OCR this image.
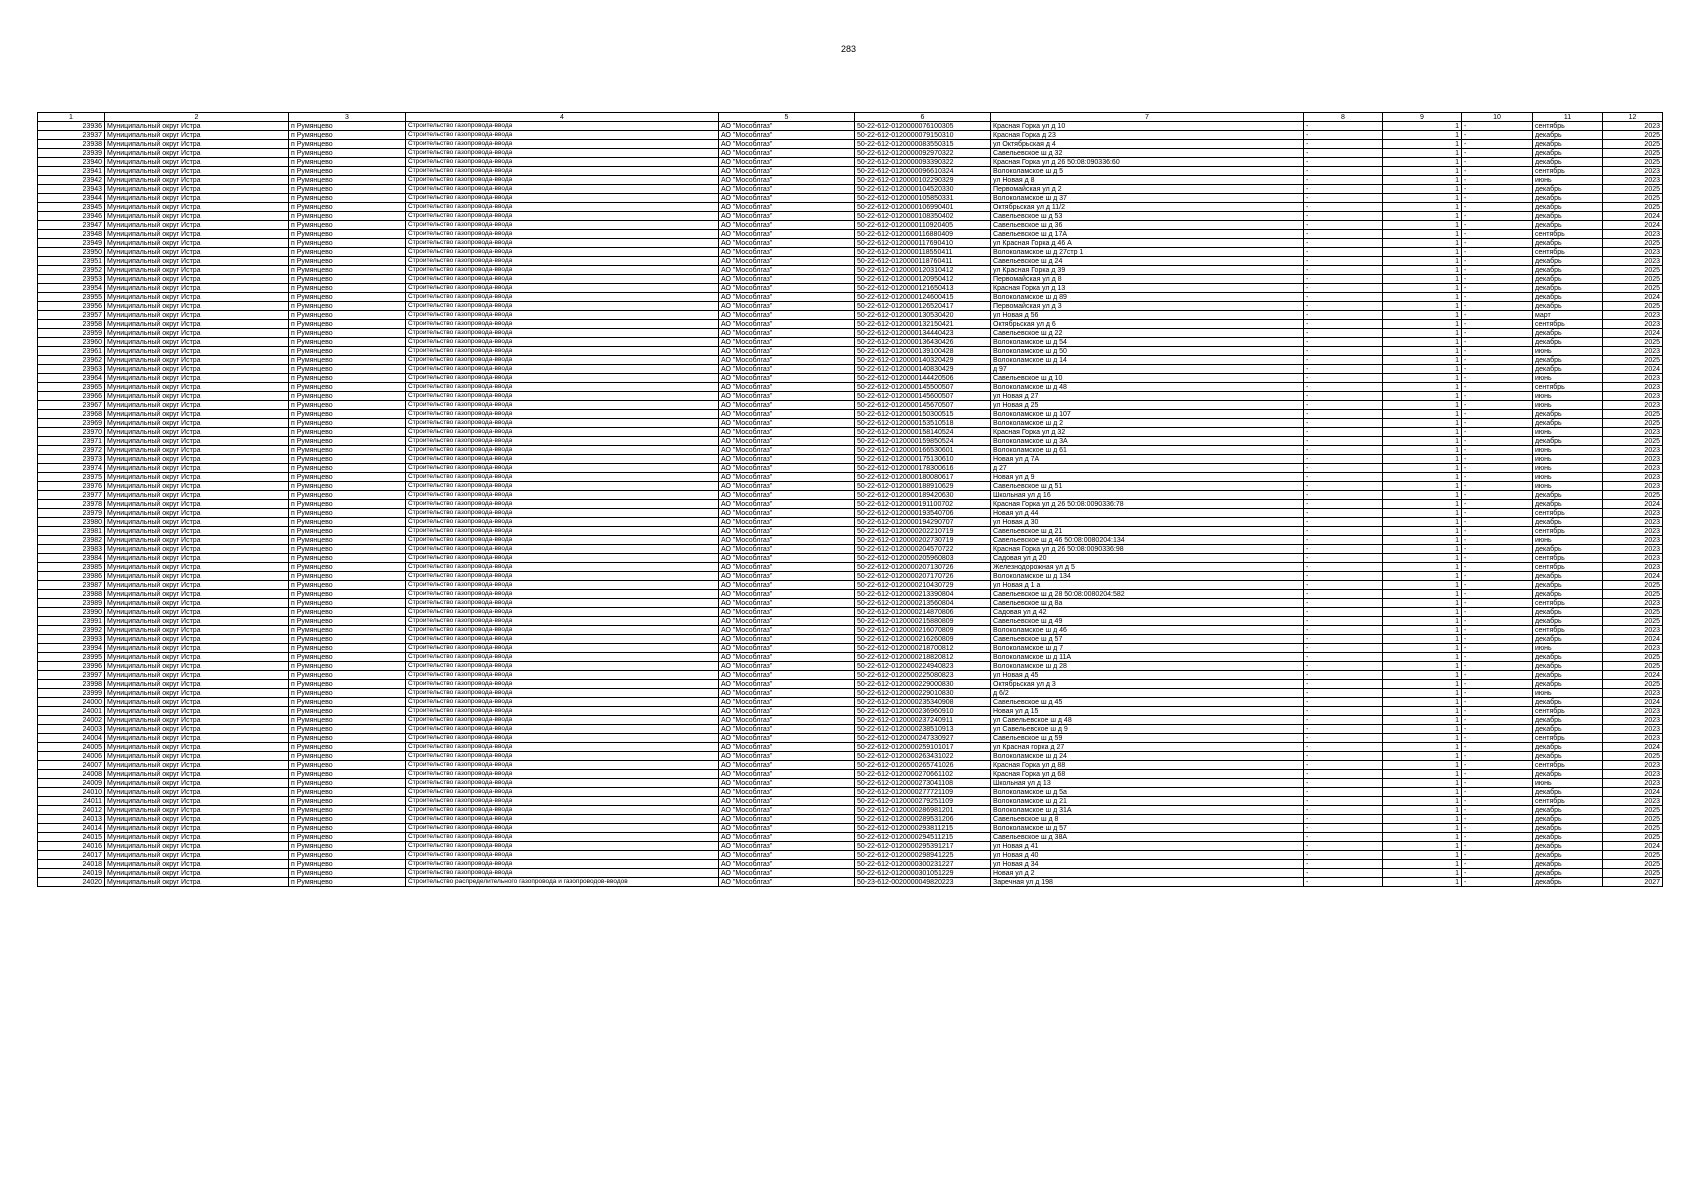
283
1	2	3	4	5	6	7	8	9	10	11	12
23936	Муниципальный округ Истра	п Румянцево	Строительство газопровода-ввода	АО "Мособлгаз"	50-22-612-0120000076100305	Красная Горка ул д 10	-	1	-	сентябрь	2023
23937	Муниципальный округ Истра	п Румянцево	Строительство газопровода-ввода	АО "Мособлгаз"	50-22-612-0120000079150310	Красная Горка д 23	-	1	-	декабрь	2025
23938	Муниципальный округ Истра	п Румянцево	Строительство газопровода-ввода	АО "Мособлгаз"	50-22-612-0120000083550315	ул Октябрьская д 4	-	1	-	декабрь	2025
23939	Муниципальный округ Истра	п Румянцево	Строительство газопровода-ввода	АО "Мособлгаз"	50-22-612-0120000092970322	Савельевское ш д 32	-	1	-	декабрь	2025
23940	Муниципальный округ Истра	п Румянцево	Строительство газопровода-ввода	АО "Мособлгаз"	50-22-612-0120000093390322	Красная Горка ул д 26 50:08:090336:60	-	1	-	декабрь	2025
23941	Муниципальный округ Истра	п Румянцево	Строительство газопровода-ввода	АО "Мособлгаз"	50-22-612-0120000096610324	Волоколамское ш д 5	-	1	-	сентябрь	2023
23942	Муниципальный округ Истра	п Румянцево	Строительство газопровода-ввода	АО "Мособлгаз"	50-22-612-0120000102290329	ул Новая д 8	-	1	-	июнь	2023
23943	Муниципальный округ Истра	п Румянцево	Строительство газопровода-ввода	АО "Мособлгаз"	50-22-612-0120000104520330	Первомайская ул д 2	-	1	-	декабрь	2025
23944	Муниципальный округ Истра	п Румянцево	Строительство газопровода-ввода	АО "Мособлгаз"	50-22-612-0120000105850331	Волоколамское ш д 37	-	1	-	декабрь	2025
23945	Муниципальный округ Истра	п Румянцево	Строительство газопровода-ввода	АО "Мособлгаз"	50-22-612-0120000106990401	Октябрьская ул д 11/2	-	1	-	декабрь	2025
23946	Муниципальный округ Истра	п Румянцево	Строительство газопровода-ввода	АО "Мособлгаз"	50-22-612-0120000108350402	Савельевское ш д 53	-	1	-	декабрь	2024
23947	Муниципальный округ Истра	п Румянцево	Строительство газопровода-ввода	АО "Мособлгаз"	50-22-612-0120000110920405	Савельевское ш д 36	-	1	-	декабрь	2024
23948	Муниципальный округ Истра	п Румянцево	Строительство газопровода-ввода	АО "Мособлгаз"	50-22-612-0120000116880409	Савельевское ш д 17А	-	1	-	сентябрь	2023
23949	Муниципальный округ Истра	п Румянцево	Строительство газопровода-ввода	АО "Мособлгаз"	50-22-612-0120000117690410	ул Красная Горка д 46 А	-	1	-	декабрь	2025
23950	Муниципальный округ Истра	п Румянцево	Строительство газопровода-ввода	АО "Мособлгаз"	50-22-612-0120000118550411	Волоколамское ш д 27стр 1	-	1	-	сентябрь	2023
23951	Муниципальный округ Истра	п Румянцево	Строительство газопровода-ввода	АО "Мособлгаз"	50-22-612-0120000118760411	Савельевское ш д 24	-	1	-	декабрь	2023
23952	Муниципальный округ Истра	п Румянцево	Строительство газопровода-ввода	АО "Мособлгаз"	50-22-612-0120000120310412	ул Красная Горка д 39	-	1	-	декабрь	2025
23953	Муниципальный округ Истра	п Румянцево	Строительство газопровода-ввода	АО "Мособлгаз"	50-22-612-0120000120950412	Первомайская ул д 8	-	1	-	декабрь	2025
23954	Муниципальный округ Истра	п Румянцево	Строительство газопровода-ввода	АО "Мособлгаз"	50-22-612-0120000121650413	Красная Горка ул д 13	-	1	-	декабрь	2025
23955	Муниципальный округ Истра	п Румянцево	Строительство газопровода-ввода	АО "Мособлгаз"	50-22-612-0120000124600415	Волоколамское ш д 89	-	1	-	декабрь	2024
23956	Муниципальный округ Истра	п Румянцево	Строительство газопровода-ввода	АО "Мособлгаз"	50-22-612-0120000126520417	Первомайская ул д 3	-	1	-	декабрь	2025
23957	Муниципальный округ Истра	п Румянцево	Строительство газопровода-ввода	АО "Мособлгаз"	50-22-612-0120000130530420	ул Новая д 56	-	1	-	март	2023
23958	Муниципальный округ Истра	п Румянцево	Строительство газопровода-ввода	АО "Мособлгаз"	50-22-612-0120000132150421	Октябрьская ул д 6	-	1	-	сентябрь	2023
23959	Муниципальный округ Истра	п Румянцево	Строительство газопровода-ввода	АО "Мособлгаз"	50-22-612-0120000134440423	Савельевское ш д 22	-	1	-	декабрь	2024
23960	Муниципальный округ Истра	п Румянцево	Строительство газопровода-ввода	АО "Мособлгаз"	50-22-612-0120000136430426	Волоколамское ш д 54	-	1	-	декабрь	2025
23961	Муниципальный округ Истра	п Румянцево	Строительство газопровода-ввода	АО "Мособлгаз"	50-22-612-0120000139100428	Волоколамское ш д 50	-	1	-	июнь	2023
23962	Муниципальный округ Истра	п Румянцево	Строительство газопровода-ввода	АО "Мособлгаз"	50-22-612-0120000140320429	Волоколамское ш д 14	-	1	-	декабрь	2025
23963	Муниципальный округ Истра	п Румянцево	Строительство газопровода-ввода	АО "Мособлгаз"	50-22-612-0120000140830429	д 97	-	1	-	декабрь	2024
23964	Муниципальный округ Истра	п Румянцево	Строительство газопровода-ввода	АО "Мособлгаз"	50-22-612-0120000144420506	Савельевское ш д 10	-	1	-	июнь	2023
23965	Муниципальный округ Истра	п Румянцево	Строительство газопровода-ввода	АО "Мособлгаз"	50-22-612-0120000145500507	Волоколамское ш д 48	-	1	-	сентябрь	2023
23966	Муниципальный округ Истра	п Румянцево	Строительство газопровода-ввода	АО "Мособлгаз"	50-22-612-0120000145600507	ул Новая д 27	-	1	-	июнь	2023
23967	Муниципальный округ Истра	п Румянцево	Строительство газопровода-ввода	АО "Мособлгаз"	50-22-612-0120000145670507	ул Новая д 25	-	1	-	июнь	2023
23968	Муниципальный округ Истра	п Румянцево	Строительство газопровода-ввода	АО "Мособлгаз"	50-22-612-0120000150300515	Волоколамское ш д 107	-	1	-	декабрь	2025
23969	Муниципальный округ Истра	п Румянцево	Строительство газопровода-ввода	АО "Мособлгаз"	50-22-612-0120000153510518	Волоколамское ш д 2	-	1	-	декабрь	2025
23970	Муниципальный округ Истра	п Румянцево	Строительство газопровода-ввода	АО "Мособлгаз"	50-22-612-0120000158140524	Красная Горка ул д 32	-	1	-	июнь	2023
23971	Муниципальный округ Истра	п Румянцево	Строительство газопровода-ввода	АО "Мособлгаз"	50-22-612-0120000159850524	Волоколамское ш д 3А	-	1	-	декабрь	2025
23972	Муниципальный округ Истра	п Румянцево	Строительство газопровода-ввода	АО "Мособлгаз"	50-22-612-0120000166530601	Волоколамское ш д 61	-	1	-	июнь	2023
23973	Муниципальный округ Истра	п Румянцево	Строительство газопровода-ввода	АО "Мособлгаз"	50-22-612-0120000175130610	Новая ул д 7А	-	1	-	июнь	2023
23974	Муниципальный округ Истра	п Румянцево	Строительство газопровода-ввода	АО "Мособлгаз"	50-22-612-0120000178300616	д 27	-	1	-	июнь	2023
23975	Муниципальный округ Истра	п Румянцево	Строительство газопровода-ввода	АО "Мособлгаз"	50-22-612-0120000180080617	Новая ул д 9	-	1	-	июнь	2023
23976	Муниципальный округ Истра	п Румянцево	Строительство газопровода-ввода	АО "Мособлгаз"	50-22-612-0120000188910629	Савельевское ш д 51	-	1	-	июнь	2023
23977	Муниципальный округ Истра	п Румянцево	Строительство газопровода-ввода	АО "Мособлгаз"	50-22-612-0120000189420630	Школьная ул д 16	-	1	-	декабрь	2025
23978	Муниципальный округ Истра	п Румянцево	Строительство газопровода-ввода	АО "Мособлгаз"	50-22-612-0120000191100702	Красная Горка ул д 26 50:08:0090336:78	-	1	-	декабрь	2024
23979	Муниципальный округ Истра	п Румянцево	Строительство газопровода-ввода	АО "Мособлгаз"	50-22-612-0120000193540706	Новая ул д 44	-	1	-	сентябрь	2023
23980	Муниципальный округ Истра	п Румянцево	Строительство газопровода-ввода	АО "Мособлгаз"	50-22-612-0120000194290707	ул Новая д 30	-	1	-	декабрь	2023
23981	Муниципальный округ Истра	п Румянцево	Строительство газопровода-ввода	АО "Мособлгаз"	50-22-612-0120000202210719	Савельевское ш д 21	-	1	-	сентябрь	2023
23982	Муниципальный округ Истра	п Румянцево	Строительство газопровода-ввода	АО "Мособлгаз"	50-22-612-0120000202730719	Савельевское ш д 46 50:08:0080204:134	-	1	-	июнь	2023
23983	Муниципальный округ Истра	п Румянцево	Строительство газопровода-ввода	АО "Мособлгаз"	50-22-612-0120000204570722	Красная Горка ул д 26 50:08:0090336:98	-	1	-	декабрь	2023
23984	Муниципальный округ Истра	п Румянцево	Строительство газопровода-ввода	АО "Мособлгаз"	50-22-612-0120000205960803	Садовая ул д 20	-	1	-	сентябрь	2023
23985	Муниципальный округ Истра	п Румянцево	Строительство газопровода-ввода	АО "Мособлгаз"	50-22-612-0120000207130726	Железнодорожная ул д 5	-	1	-	сентябрь	2023
23986	Муниципальный округ Истра	п Румянцево	Строительство газопровода-ввода	АО "Мособлгаз"	50-22-612-0120000207170726	Волоколамское ш д 134	-	1	-	декабрь	2024
23987	Муниципальный округ Истра	п Румянцево	Строительство газопровода-ввода	АО "Мособлгаз"	50-22-612-0120000210430729	ул Новая д 1 а	-	1	-	декабрь	2025
23988	Муниципальный округ Истра	п Румянцево	Строительство газопровода-ввода	АО "Мособлгаз"	50-22-612-0120000213390804	Савельевское ш д 28 50:08:0080204:582	-	1	-	декабрь	2025
23989	Муниципальный округ Истра	п Румянцево	Строительство газопровода-ввода	АО "Мособлгаз"	50-22-612-0120000213560804	Савельевское ш д 8а	-	1	-	сентябрь	2023
23990	Муниципальный округ Истра	п Румянцево	Строительство газопровода-ввода	АО "Мособлгаз"	50-22-612-0120000214870806	Садовая ул д 42	-	1	-	декабрь	2025
23991	Муниципальный округ Истра	п Румянцево	Строительство газопровода-ввода	АО "Мособлгаз"	50-22-612-0120000215880809	Савельевское ш д 49	-	1	-	декабрь	2025
23992	Муниципальный округ Истра	п Румянцево	Строительство газопровода-ввода	АО "Мособлгаз"	50-22-612-0120000216070809	Волоколамское ш д 46	-	1	-	сентябрь	2023
23993	Муниципальный округ Истра	п Румянцево	Строительство газопровода-ввода	АО "Мособлгаз"	50-22-612-0120000216260809	Савельевское ш д 57	-	1	-	декабрь	2024
23994	Муниципальный округ Истра	п Румянцево	Строительство газопровода-ввода	АО "Мособлгаз"	50-22-612-0120000218700812	Волоколамское ш д 7	-	1	-	июнь	2023
23995	Муниципальный округ Истра	п Румянцево	Строительство газопровода-ввода	АО "Мособлгаз"	50-22-612-0120000218820812	Волоколамское ш д 11А	-	1	-	декабрь	2025
23996	Муниципальный округ Истра	п Румянцево	Строительство газопровода-ввода	АО "Мособлгаз"	50-22-612-0120000224940823	Волоколамское ш д 28	-	1	-	декабрь	2025
23997	Муниципальный округ Истра	п Румянцево	Строительство газопровода-ввода	АО "Мособлгаз"	50-22-612-0120000225080823	ул Новая д 45	-	1	-	декабрь	2024
23998	Муниципальный округ Истра	п Румянцево	Строительство газопровода-ввода	АО "Мособлгаз"	50-22-612-0120000229000830	Октябрьская ул д 3	-	1	-	декабрь	2025
23999	Муниципальный округ Истра	п Румянцево	Строительство газопровода-ввода	АО "Мособлгаз"	50-22-612-0120000229010830	д 6/2	-	1	-	июнь	2023
24000	Муниципальный округ Истра	п Румянцево	Строительство газопровода-ввода	АО "Мособлгаз"	50-22-612-0120000235340908	Савельевское ш д 45	-	1	-	декабрь	2024
24001	Муниципальный округ Истра	п Румянцево	Строительство газопровода-ввода	АО "Мособлгаз"	50-22-612-0120000236960910	Новая ул д 15	-	1	-	сентябрь	2023
24002	Муниципальный округ Истра	п Румянцево	Строительство газопровода-ввода	АО "Мособлгаз"	50-22-612-0120000237240911	ул Савельевское ш д 48	-	1	-	декабрь	2023
24003	Муниципальный округ Истра	п Румянцево	Строительство газопровода-ввода	АО "Мособлгаз"	50-22-612-0120000238510913	ул Савельевское ш д 9	-	1	-	декабрь	2023
24004	Муниципальный округ Истра	п Румянцево	Строительство газопровода-ввода	АО "Мособлгаз"	50-22-612-0120000247330927	Савельевское ш д 59	-	1	-	сентябрь	2023
24005	Муниципальный округ Истра	п Румянцево	Строительство газопровода-ввода	АО "Мособлгаз"	50-22-612-0120000259101017	ул Красная горка д 27	-	1	-	декабрь	2024
24006	Муниципальный округ Истра	п Румянцево	Строительство газопровода-ввода	АО "Мособлгаз"	50-22-612-0120000263431022	Волоколамское ш д 24	-	1	-	декабрь	2025
24007	Муниципальный округ Истра	п Румянцево	Строительство газопровода-ввода	АО "Мособлгаз"	50-22-612-0120000265741026	Красная Горка ул д 88	-	1	-	сентябрь	2023
24008	Муниципальный округ Истра	п Румянцево	Строительство газопровода-ввода	АО "Мособлгаз"	50-22-612-0120000270661102	Красная Горка ул д 68	-	1	-	декабрь	2023
24009	Муниципальный округ Истра	п Румянцево	Строительство газопровода-ввода	АО "Мособлгаз"	50-22-612-0120000273041108	Школьная ул д 13	-	1	-	июнь	2023
24010	Муниципальный округ Истра	п Румянцево	Строительство газопровода-ввода	АО "Мособлгаз"	50-22-612-0120000277721109	Волоколамское ш д 5а	-	1	-	декабрь	2024
24011	Муниципальный округ Истра	п Румянцево	Строительство газопровода-ввода	АО "Мособлгаз"	50-22-612-0120000279251109	Волоколамское ш д 21	-	1	-	сентябрь	2023
24012	Муниципальный округ Истра	п Румянцево	Строительство газопровода-ввода	АО "Мособлгаз"	50-22-612-0120000286981201	Волоколамское ш д 31А	-	1	-	декабрь	2025
24013	Муниципальный округ Истра	п Румянцево	Строительство газопровода-ввода	АО "Мособлгаз"	50-22-612-0120000289531206	Савельевское ш д 8	-	1	-	декабрь	2025
24014	Муниципальный округ Истра	п Румянцево	Строительство газопровода-ввода	АО "Мособлгаз"	50-22-612-0120000293811215	Волоколамское ш д 57	-	1	-	декабрь	2025
24015	Муниципальный округ Истра	п Румянцево	Строительство газопровода-ввода	АО "Мособлгаз"	50-22-612-0120000294511215	Савельевское ш д 38А	-	1	-	декабрь	2025
24016	Муниципальный округ Истра	п Румянцево	Строительство газопровода-ввода	АО "Мособлгаз"	50-22-612-0120000295391217	ул Новая д 41	-	1	-	декабрь	2024
24017	Муниципальный округ Истра	п Румянцево	Строительство газопровода-ввода	АО "Мособлгаз"	50-22-612-0120000298941225	ул Новая д 40	-	1	-	декабрь	2025
24018	Муниципальный округ Истра	п Румянцево	Строительство газопровода-ввода	АО "Мособлгаз"	50-22-612-0120000300231227	ул Новая д 34	-	1	-	декабрь	2025
24019	Муниципальный округ Истра	п Румянцево	Строительство газопровода-ввода	АО "Мособлгаз"	50-22-612-0120000301051229	Новая ул д 2	-	1	-	декабрь	2025
24020	Муниципальный округ Истра	п Румянцево	Строительство распределительного газопровода и газопроводов-вводов	АО "Мособлгаз"	50-23-612-0020000049820223	Заречная ул д 198	-	1	-	декабрь	2027
